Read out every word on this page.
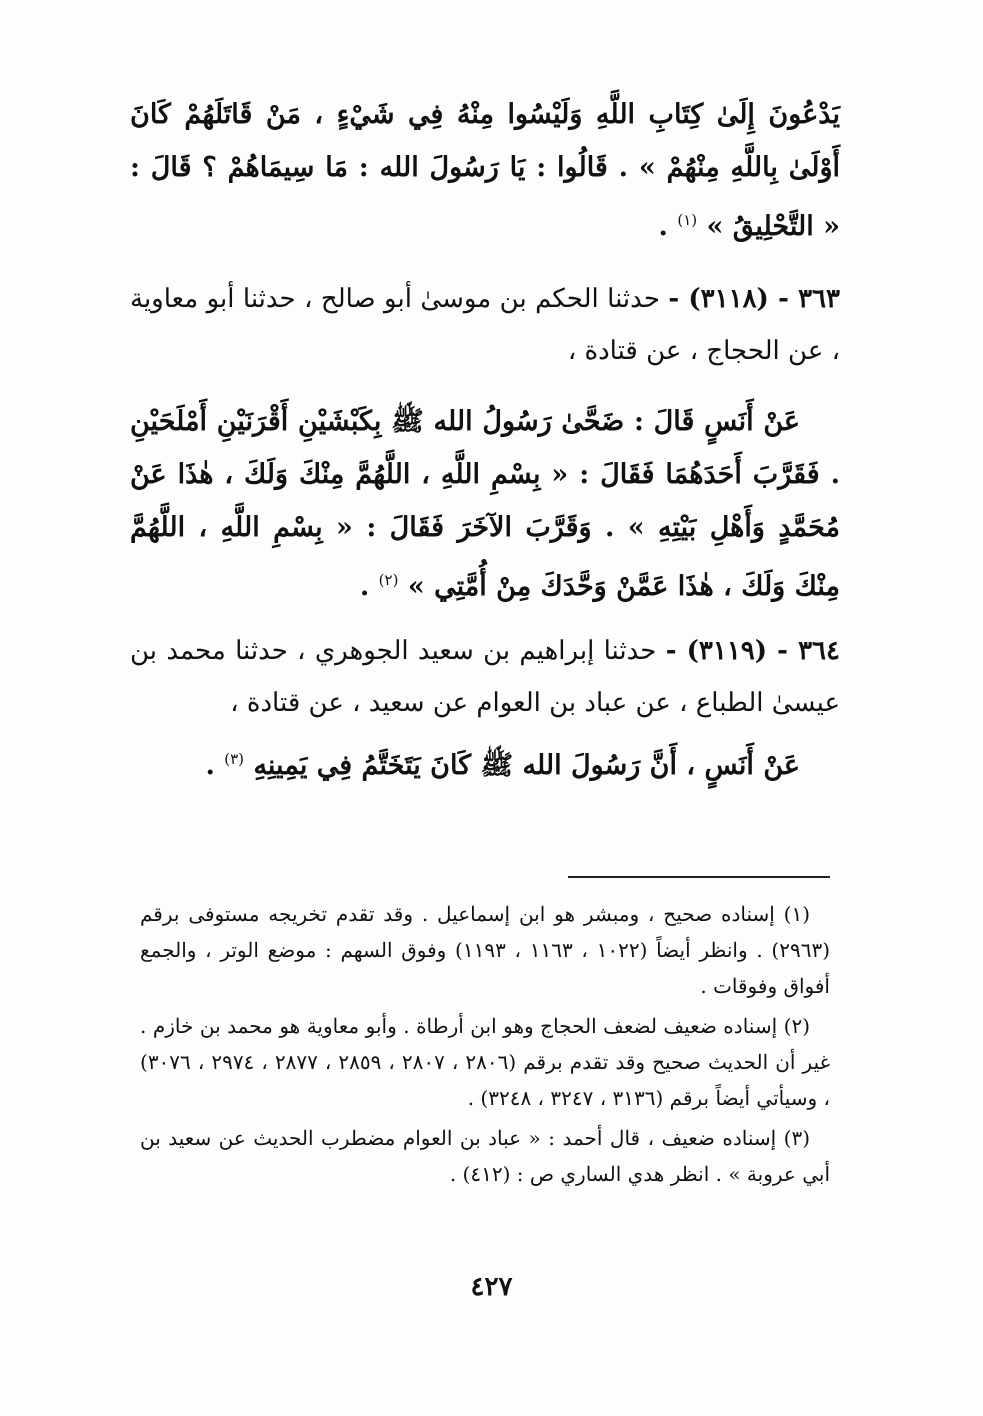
يَدْعُونَ إِلَىٰ كِتَابِ اللَّهِ وَلَيْسُوا مِنْهُ فِي شَيْءٍ ، مَنْ قَاتَلَهُمْ كَانَ أَوْلَىٰ بِاللَّهِ مِنْهُمْ » . قَالُوا : يَا رَسُولَ الله : مَا سِيمَاهُمْ ؟ قَالَ : « التَّحْلِيقُ » $^{(١)}$ .

٣٦٣ - (٣١١٨) - حدثنا الحكم بن موسىٰ أبو صالح ، حدثنا أبو معاوية ، عن الحجاج ، عن قتادة ،

عَنْ أَنَسٍ قَالَ : ضَحَّىٰ رَسُولُ الله ﷺ بِكَبْشَيْنِ أَقْرَنَيْنِ أَمْلَحَيْنِ . فَقَرَّبَ أَحَدَهُمَا فَقَالَ : « بِسْمِ اللَّهِ ، اللَّهُمَّ مِنْكَ وَلَكَ ، هٰذَا عَنْ مُحَمَّدٍ وَأَهْلِ بَيْتِهِ » . وَقَرَّبَ الآخَرَ فَقَالَ : « بِسْمِ اللَّهِ ، اللَّهُمَّ مِنْكَ وَلَكَ ، هٰذَا عَمَّنْ وَحَّدَكَ مِنْ أُمَّتِي » $^{(٢)}$ .

٣٦٤ - (٣١١٩) - حدثنا إبراهيم بن سعيد الجوهري ، حدثنا محمد بن عيسىٰ الطباع ، عن عباد بن العوام عن سعيد ، عن قتادة ،

عَنْ أَنَسٍ ، أَنَّ رَسُولَ الله ﷺ كَانَ يَتَخَتَّمُ فِي يَمِينِهِ $^{(٣)}$ .

(١) إسناده صحيح ، ومبشر هو ابن إسماعيل . وقد تقدم تخريجه مستوفى برقم (٢٩٦٣) . وانظر أيضاً (١٠٢٢ ، ١١٦٣ ، ١١٩٣) وفوق السهم : موضع الوتر ، والجمع أفواق وفوقات .

(٢) إسناده ضعيف لضعف الحجاج وهو ابن أرطاة . وأبو معاوية هو محمد بن خازم . غير أن الحديث صحيح وقد تقدم برقم (٢٨٠٦ ، ٢٨٠٧ ، ٢٨٥٩ ، ٢٨٧٧ ، ٢٩٧٤ ، ٣٠٧٦) ، وسيأتي أيضاً برقم (٣١٣٦ ، ٣٢٤٧ ، ٣٢٤٨) .

(٣) إسناده ضعيف ، قال أحمد : « عباد بن العوام مضطرب الحديث عن سعيد بن أبي عروبة » . انظر هدي الساري ص : (٤١٢) .

٤٢٧
